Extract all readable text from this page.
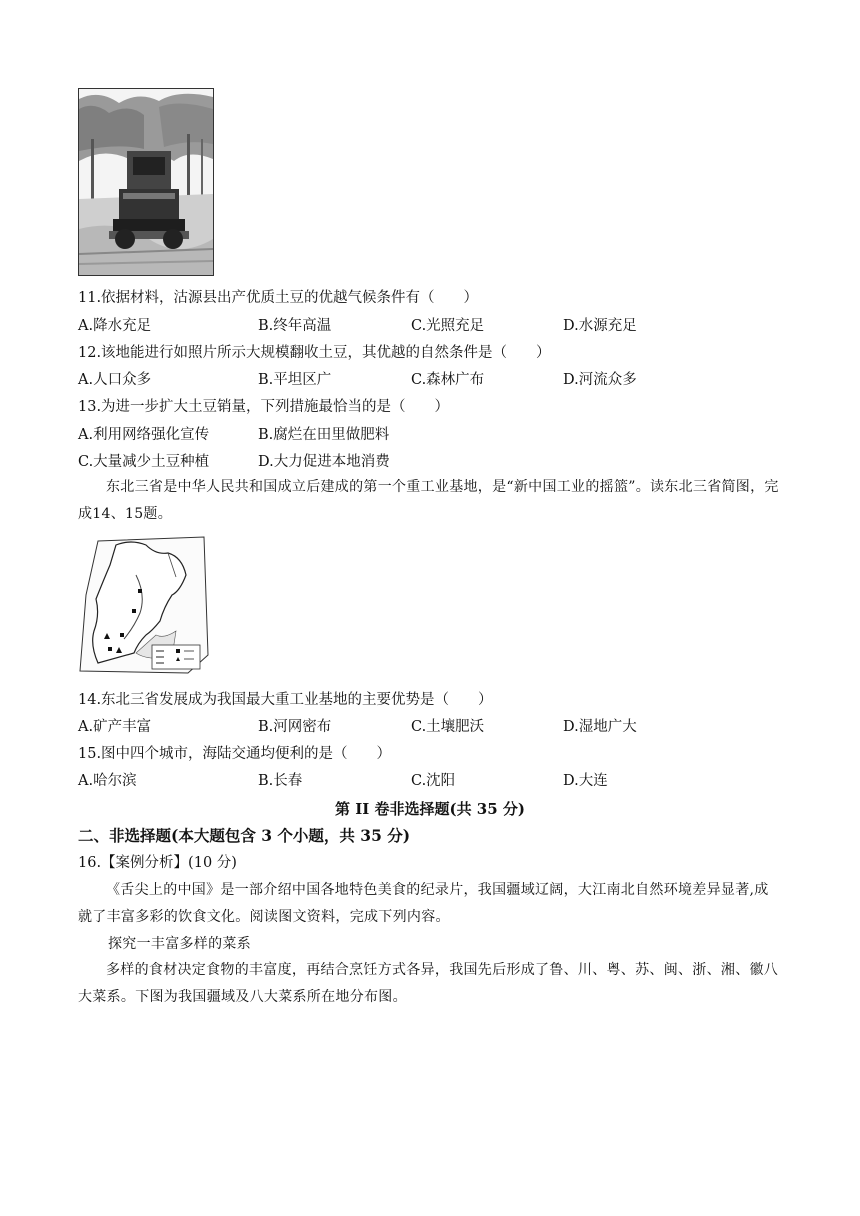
11.依据材料，沽源县出产优质土豆的优越气候条件有（　　）
A.降水充足	B.终年高温	C.光照充足	D.水源充足
12.该地能进行如照片所示大规模翻收土豆，其优越的自然条件是（　　）
A.人口众多	B.平坦区广	C.森林广布	D.河流众多
13.为进一步扩大土豆销量，下列措施最恰当的是（　　）
A.利用网络强化宣传	B.腐烂在田里做肥料
C.大量减少土豆种植	D.大力促进本地消费
东北三省是中华人民共和国成立后建成的第一个重工业基地，是“新中国工业的摇篮”。读东北三省简图，完成14、15题。
14.东北三省发展成为我国最大重工业基地的主要优势是（　　）
A.矿产丰富	B.河网密布	C.土壤肥沃	D.湿地广大
15.图中四个城市，海陆交通均便利的是（　　）
A.哈尔滨	B.长春	C.沈阳	D.大连
第 II 卷非选择题(共 35 分)
二、非选择题(本大题包含 3 个小题，共 35 分)
16.【案例分析】(10 分)
《舌尖上的中国》是一部介绍中国各地特色美食的纪录片，我国疆域辽阔，大江南北自然环境差异显著,成就了丰富多彩的饮食文化。阅读图文资料，完成下列内容。
探究一丰富多样的菜系
多样的食材决定食物的丰富度，再结合烹饪方式各异，我国先后形成了鲁、川、粤、苏、闽、浙、湘、徽八大菜系。下图为我国疆域及八大菜系所在地分布图。
